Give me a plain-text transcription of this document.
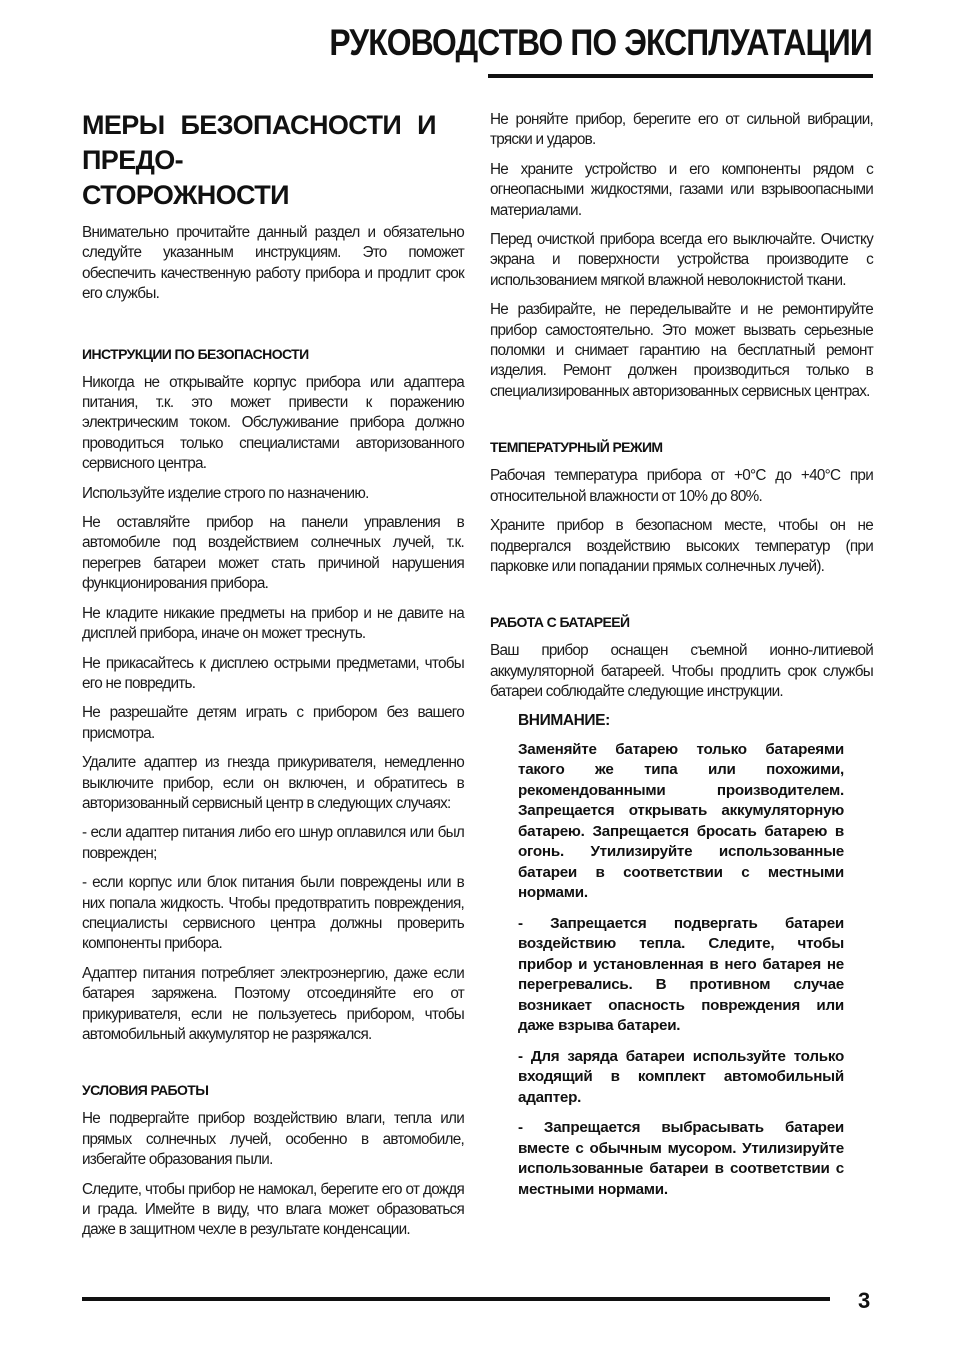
РУКОВОДСТВО ПО ЭКСПЛУАТАЦИИ
МЕРЫ БЕЗОПАСНОСТИ И ПРЕДО-
СТОРОЖНОСТИ

Внимательно прочитайте данный раздел и обязательно следуйте указанным инструкциям. Это поможет обеспечить качественную работу прибора и продлит срок его службы.

ИНСТРУКЦИИ ПО БЕЗОПАСНОСТИ

Никогда не открывайте корпус прибора или адаптера питания, т.к. это может привести к поражению электрическим током. Обслуживание прибора должно проводиться только специалистами авторизованного сервисного центра.

Используйте изделие строго по назначению.

Не оставляйте прибор на панели управления в автомобиле под воздействием солнечных лучей, т.к. перегрев батареи может стать причиной нарушения функционирования прибора.

Не кладите никакие предметы на прибор и не давите на дисплей прибора, иначе он может треснуть.

Не прикасайтесь к дисплею острыми предметами, чтобы его не повредить.

Не разрешайте детям играть с прибором без вашего присмотра.

Удалите адаптер из гнезда прикуривателя, немедленно выключите прибор, если он включен, и обратитесь в авторизованный сервисный центр в следующих случаях:

- если адаптер питания либо его шнур оплавился или был поврежден;

- если корпус или блок питания были повреждены или в них попала жидкость. Чтобы предотвратить повреждения, специалисты сервисного центра должны проверить компоненты прибора.

Адаптер питания потребляет электроэнергию, даже если батарея заряжена. Поэтому отсоединяйте его от прикуривателя, если не пользуетесь прибором, чтобы автомобильный аккумулятор не разряжался.

УСЛОВИЯ РАБОТЫ

Не подвергайте прибор воздействию влаги, тепла или прямых солнечных лучей, особенно в автомобиле, избегайте образования пыли.

Следите, чтобы прибор не намокал, берегите его от дождя и града. Имейте в виду, что влага может образоваться даже в защитном чехле в результате конденсации.

Не роняйте прибор, берегите его от сильной вибрации, тряски и ударов.

Не храните устройство и его компоненты рядом с огнеопасными жидкостями, газами или взрывоопасными материалами.

Перед очисткой прибора всегда его выключайте. Очистку экрана и поверхности устройства производите с использованием мягкой влажной неволокнистой ткани.

Не разбирайте, не переделывайте и не ремонтируйте прибор самостоятельно. Это может вызвать серьезные поломки и снимает гарантию на бесплатный ремонт изделия. Ремонт должен производиться только в специализированных авторизованных сервисных центрах.

ТЕМПЕРАТУРНЫЙ РЕЖИМ

Рабочая температура прибора от +0°С до +40°С при относительной влажности от 10% до 80%.

Храните прибор в безопасном месте, чтобы он не подвергался воздействию высоких температур (при парковке или попадании прямых солнечных лучей).

РАБОТА С БАТАРЕЕЙ

Ваш прибор оснащен съемной ионно-литиевой аккумуляторной батареей. Чтобы продлить срок службы батареи соблюдайте следующие инструкции.

ВНИМАНИЕ:

Заменяйте батарею только батареями такого же типа или похожими, рекомендованными производителем. Запрещается открывать аккумуляторную батарею. Запрещается бросать батарею в огонь. Утилизируйте использованные батареи в соответствии с местными нормами.

- Запрещается подвергать батареи воздействию тепла. Следите, чтобы прибор и установленная в него батарея не перегревались. В противном случае возникает опасность повреждения или даже взрыва батареи.

- Для заряда батареи используйте только входящий в комплект автомобильный адаптер.

- Запрещается выбрасывать батареи вместе с обычным мусором. Утилизируйте использованные батареи в соответствии с местными нормами.

3
